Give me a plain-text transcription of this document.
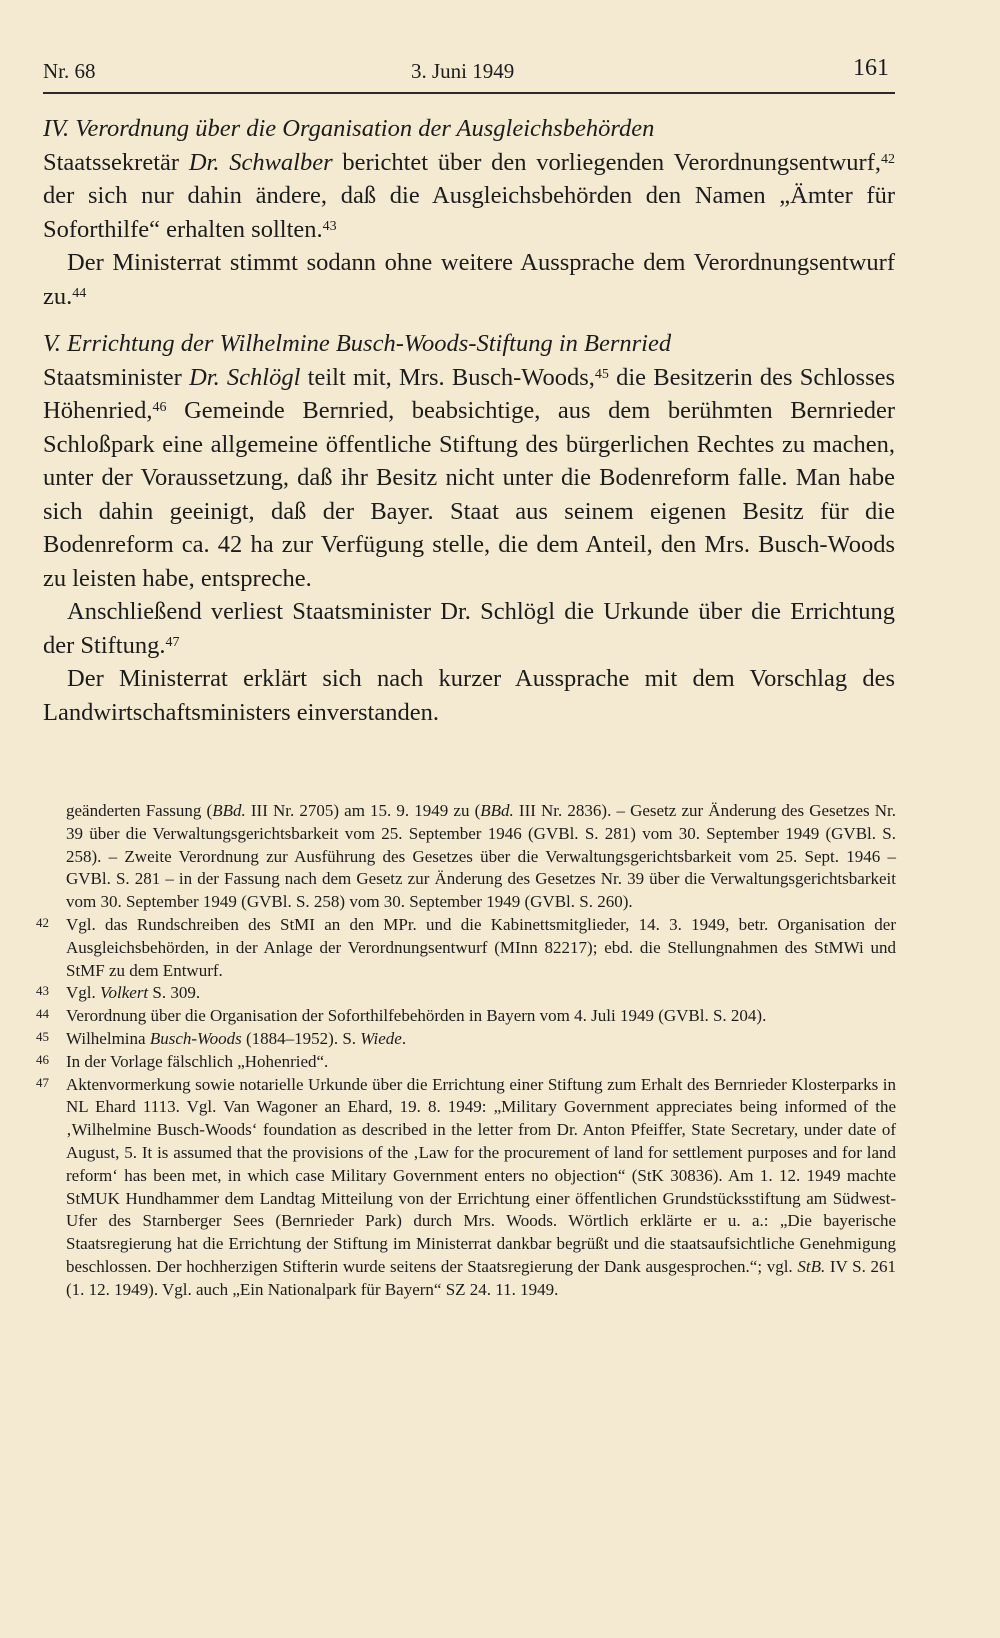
Nr. 68	3. Juni 1949	161
IV. Verordnung über die Organisation der Ausgleichsbehörden

Staatssekretär Dr. Schwalber berichtet über den vorliegenden Verordnungsentwurf,$^{42}$ der sich nur dahin ändere, daß die Ausgleichsbehörden den Namen „Ämter für Soforthilfe“ erhalten sollten.$^{43}$

Der Ministerrat stimmt sodann ohne weitere Aussprache dem Verordnungsentwurf zu.$^{44}$

V. Errichtung der Wilhelmine Busch-Woods-Stiftung in Bernried

Staatsminister Dr. Schlögl teilt mit, Mrs. Busch-Woods,$^{45}$ die Besitzerin des Schlosses Höhenried,$^{46}$ Gemeinde Bernried, beabsichtige, aus dem berühmten Bernrieder Schloßpark eine allgemeine öffentliche Stiftung des bürgerlichen Rechtes zu machen, unter der Voraussetzung, daß ihr Besitz nicht unter die Bodenreform falle. Man habe sich dahin geeinigt, daß der Bayer. Staat aus seinem eigenen Besitz für die Bodenreform ca. 42 ha zur Verfügung stelle, die dem Anteil, den Mrs. Busch-Woods zu leisten habe, entspreche.

Anschließend verliest Staatsminister Dr. Schlögl die Urkunde über die Errichtung der Stiftung.$^{47}$

Der Ministerrat erklärt sich nach kurzer Aussprache mit dem Vorschlag des Landwirtschaftsministers einverstanden.

geänderten Fassung (BBd. III Nr. 2705) am 15. 9. 1949 zu (BBd. III Nr. 2836). – Gesetz zur Änderung des Gesetzes Nr. 39 über die Verwaltungsgerichtsbarkeit vom 25. September 1946 (GVBl. S. 281) vom 30. September 1949 (GVBl. S. 258). – Zweite Verordnung zur Ausführung des Gesetzes über die Verwaltungsgerichtsbarkeit vom 25. Sept. 1946 – GVBl. S. 281 – in der Fassung nach dem Gesetz zur Änderung des Gesetzes Nr. 39 über die Verwaltungsgerichtsbarkeit vom 30. September 1949 (GVBl. S. 258) vom 30. September 1949 (GVBl. S. 260).
42 Vgl. das Rundschreiben des StMI an den MPr. und die Kabinettsmitglieder, 14. 3. 1949, betr. Organisation der Ausgleichsbehörden, in der Anlage der Verordnungsentwurf (MInn 82217); ebd. die Stellungnahmen des StMWi und StMF zu dem Entwurf.
43 Vgl. Volkert S. 309.
44 Verordnung über die Organisation der Soforthilfebehörden in Bayern vom 4. Juli 1949 (GVBl. S. 204).
45 Wilhelmina Busch-Woods (1884–1952). S. Wiede.
46 In der Vorlage fälschlich „Hohenried“.
47 Aktenvormerkung sowie notarielle Urkunde über die Errichtung einer Stiftung zum Erhalt des Bernrieder Klosterparks in NL Ehard 1113. Vgl. Van Wagoner an Ehard, 19. 8. 1949: „Military Government appreciates being informed of the ‚Wilhelmine Busch-Woods‘ foundation as described in the letter from Dr. Anton Pfeiffer, State Secretary, under date of August, 5. It is assumed that the provisions of the ‚Law for the procurement of land for settlement purposes and for land reform‘ has been met, in which case Military Government enters no objection“ (StK 30836). Am 1. 12. 1949 machte StMUK Hundhammer dem Landtag Mitteilung von der Errichtung einer öffentlichen Grundstücksstiftung am Südwest-Ufer des Starnberger Sees (Bernrieder Park) durch Mrs. Woods. Wörtlich erklärte er u. a.: „Die bayerische Staatsregierung hat die Errichtung der Stiftung im Ministerrat dankbar begrüßt und die staatsaufsichtliche Genehmigung beschlossen. Der hochherzigen Stifterin wurde seitens der Staatsregierung der Dank ausgesprochen.“; vgl. StB. IV S. 261 (1. 12. 1949). Vgl. auch „Ein Nationalpark für Bayern“ SZ 24. 11. 1949.
